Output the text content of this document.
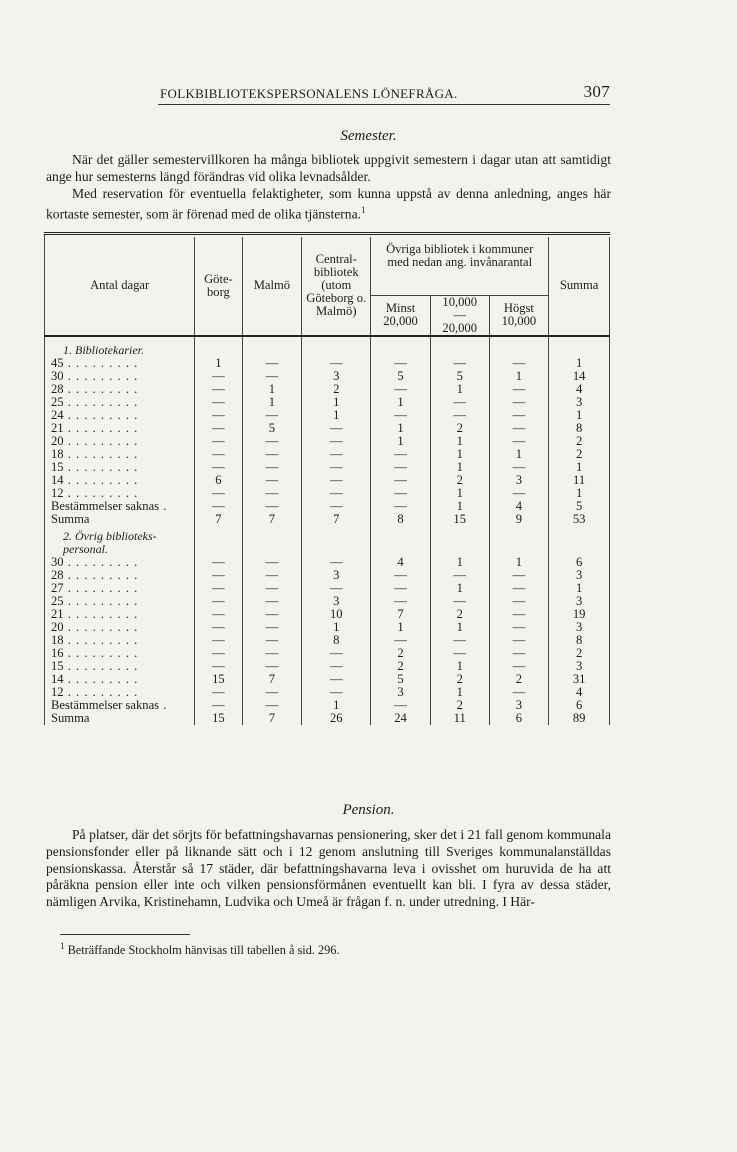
FOLKBIBLIOTEKSPERSONALENS LÖNEFRÅGA.	307
Semester.

När det gäller semestervillkoren ha många bibliotek uppgivit semestern i dagar utan att samtidigt ange hur semesterns längd förändras vid olika levnadsålder.

Med reservation för eventuella felaktigheter, som kunna uppstå av denna anledning, anges här kortaste semester, som är förenad med de olika tjänsterna.$^1$

Antal dagar	Göte- borg	Malmö	Central- bibliotek (utom Göteborg o. Malmö)	Övriga bibliotek i kommuner med nedan ang. invånarantal			Summa
				Minst 20,000	10,000— 20,000	Högst 10,000	

1. Bibliotekarier.							
45 . . . . . . . . .	1	—	—	—	—	—	1
30 . . . . . . . . .	—	—	3	5	5	1	14
28 . . . . . . . . .	—	1	2	—	1	—	4
25 . . . . . . . . .	—	1	1	1	—	—	3
24 . . . . . . . . .	—	—	1	—	—	—	1
21 . . . . . . . . .	—	5	—	1	2	—	8
20 . . . . . . . . .	—	—	—	1	1	—	2
18 . . . . . . . . .	—	—	—	—	1	1	2
15 . . . . . . . . .	—	—	—	—	1	—	1
14 . . . . . . . . .	6	—	—	—	2	3	11
12 . . . . . . . . .	—	—	—	—	1	—	1
Bestämmelser saknas .	—	—	—	—	1	4	5
Summa	7	7	7	8	15	9	53
2. Övrig biblioteks- personal.							
30 . . . . . . . . .	—	—	—	4	1	1	6
28 . . . . . . . . .	—	—	3	—	—	—	3
27 . . . . . . . . .	—	—	—	—	1	—	1
25 . . . . . . . . .	—	—	3	—	—	—	3
21 . . . . . . . . .	—	—	10	7	2	—	19
20 . . . . . . . . .	—	—	1	1	1	—	3
18 . . . . . . . . .	—	—	8	—	—	—	8
16 . . . . . . . . .	—	—	—	2	—	—	2
15 . . . . . . . . .	—	—	—	2	1	—	3
14 . . . . . . . . .	15	7	—	5	2	2	31
12 . . . . . . . . .	—	—	—	3	1	—	4
Bestämmelser saknas .	—	—	1	—	2	3	6
Summa	15	7	26	24	11	6	89
Pension.

På platser, där det sörjts för befattningshavarnas pensionering, sker det i 21 fall genom kommunala pensionsfonder eller på liknande sätt och i 12 genom anslutning till Sveriges kommunalanställdas pensionskassa. Återstår så 17 städer, där befattningshavarna leva i ovisshet om huruvida de ha att påräkna pension eller inte och vilken pensionsförmånen eventuellt kan bli. I fyra av dessa städer, nämligen Arvika, Kristinehamn, Ludvika och Umeå är frågan f. n. under utredning. I Här-

$^1$ Beträffande Stockholm hänvisas till tabellen å sid. 296.
